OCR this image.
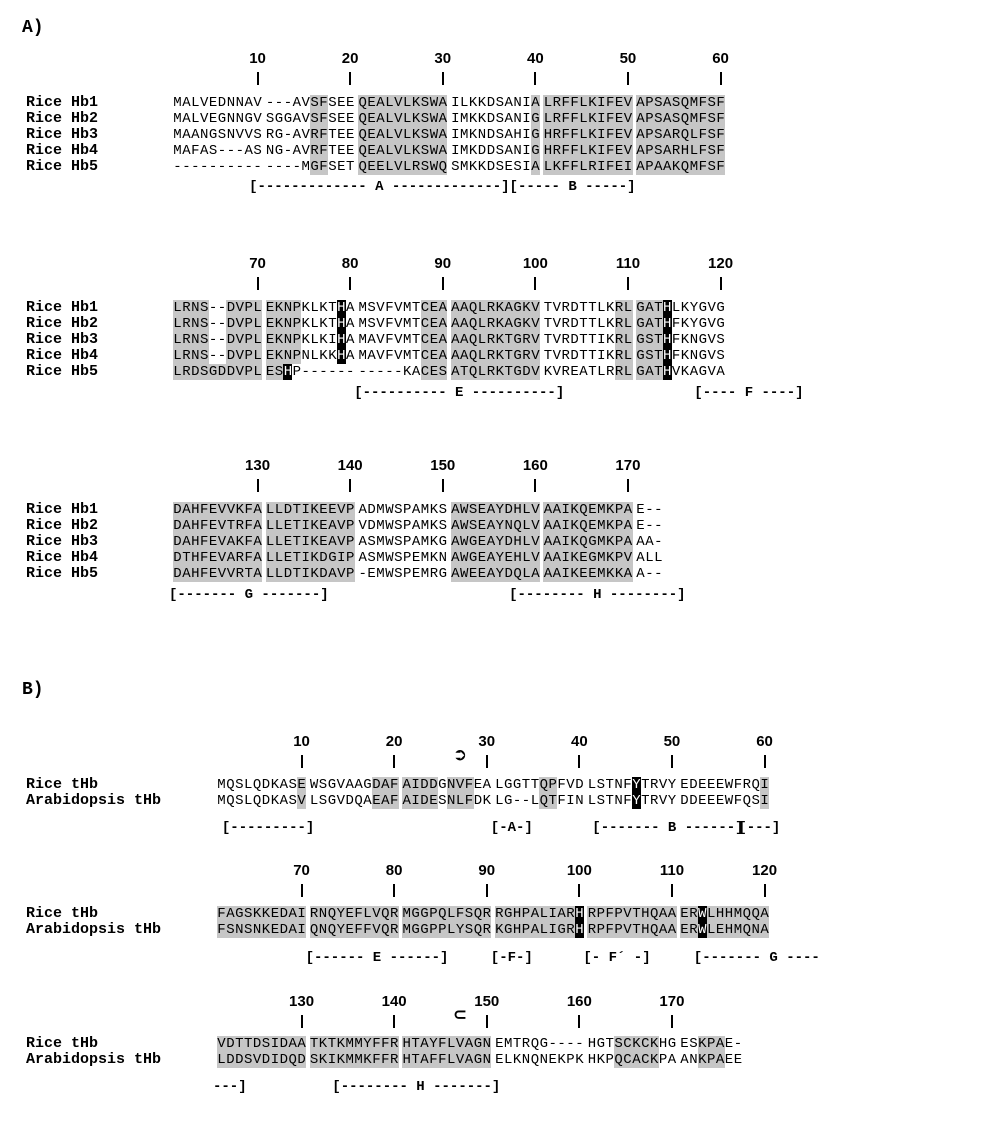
A)
B)
10	20	30	40	50	60
Rice Hb1	M A L V E D N N A V - - - A V S F S E E Q E A L V L K S W A I L K K D S A N I A L R F F L K I F E V A P S A S Q M F S F
Rice Hb2	M A L V E G N N G V S G G A V S F S E E Q E A L V L K S W A I M K K D S A N I G L R F F L K I F E V A P S A S Q M F S F
Rice Hb3	M A A N G S N V V S R G - A V R F T E E Q E A L V L K S W A I M K N D S A H I G H R F F L K I F E V A P S A R Q L F S F
Rice Hb4	M A F A S - - - A S N G - A V R F T E E Q E A L V L K S W A I M K D D S A N I G H R F F L K I F E V A P S A R H L F S F
Rice Hb5	- - - - - - - - - - - - - - M G F S E T Q E E L V L R S W Q S M K K D S E S I A L K F F L R I F E I A P A A K Q M F S F
[------------- A -------------][----- B -----]
70	80	90	100	110	120
Rice Hb1	L R N S - - D V P L E K N P K L K T H A M S V F V M T C E A A A Q L R K A G K V T V R D T T L K R L G A T H L K Y G V G
Rice Hb2	L R N S - - D V P L E K N P K L K T H A M S V F V M T C E A A A Q L R K A G K V T V R D T T L K R L G A T H F K Y G V G
Rice Hb3	L R N S - - D V P L E K N P K L K I H A M A V F V M T C E A A A Q L R K T G R V T V R D T T I K R L G S T H F K N G V S
Rice Hb4	L R N S - - D V P L E K N P N L K K H A M A V F V M T C E A A A Q L R K T G R V T V R D T T I K R L G S T H F K N G V S
Rice Hb5	L R D S G D D V P L E S H P - - - - - - - - - - - K A C E S A T Q L R K T G D V K V R E A T L R R L G A T H V K A G V A
[---------- E ----------]	[---- F ----]
130	140	150	160	170
Rice Hb1	D A H F E V V K F A L L D T I K E E V P A D M W S P A M K S A W S E A Y D H L V A A I K Q E M K P A E - -
Rice Hb2	D A H F E V T R F A L L E T I K E A V P V D M W S P A M K S A W S E A Y N Q L V A A I K Q E M K P A E - -
Rice Hb3	D A H F E V A K F A L L E T I K E A V P A S M W S P A M K G A W G E A Y D H L V A A I K Q G M K P A A A -
Rice Hb4	D T H F E V A R F A L L E T I K D G I P A S M W S P E M K N A W G E A Y E H L V A A I K E G M K P V A L L
Rice Hb5	D A H F E V V R T A L L D T I K D A V P - E M W S P E M R G A W E E A Y D Q L A A A I K E E M K K A A - -
[------- G -------]	[-------- H --------]
10	20	30	40	50	60
➲
Rice tHb	M Q S L Q D K A S E W S G V A A G D A F A I D D G N V F E A L G G T T Q P F V D L S T N F Y T R V Y E D E E E W F R Q I
Arabidopsis tHb	M Q S L Q D K A S V L S G V D Q A E A F A I D E S N L F D K L G - - L Q T F I N L S T N F Y T R V Y D D E E E W F Q S I
[---------]	[-A-]	[------- B ------]
[---]
70	80	90	100	110	120
Rice tHb	F A G S K K E D A I R N Q Y E F L V Q R M G G P Q L F S Q R R G H P A L I A R H R P F P V T H Q A A E R W L H H M Q Q A
Arabidopsis tHb	F S N S N K E D A I Q N Q Y E F F V Q R M G G P P L Y S Q R K G H P A L I G R H R P F P V T H Q A A E R W L E H M Q N A
[------ E ------]	[-F-]	[- F´ -]	[------- G ----
130	140	150	160	170
⊂
Rice tHb	V D T T D S I D A A T K T K M M Y F F R H T A Y F L V A G N E M T R Q G - - - - H G T S C K C K H G E S K P A E -
Arabidopsis tHb	L D D S V D I D Q D S K I K M M K F F R H T A F F L V A G N E L K N Q N E K P K H K P Q C A C K P A A N K P A E E
---]	[-------- H -------]
